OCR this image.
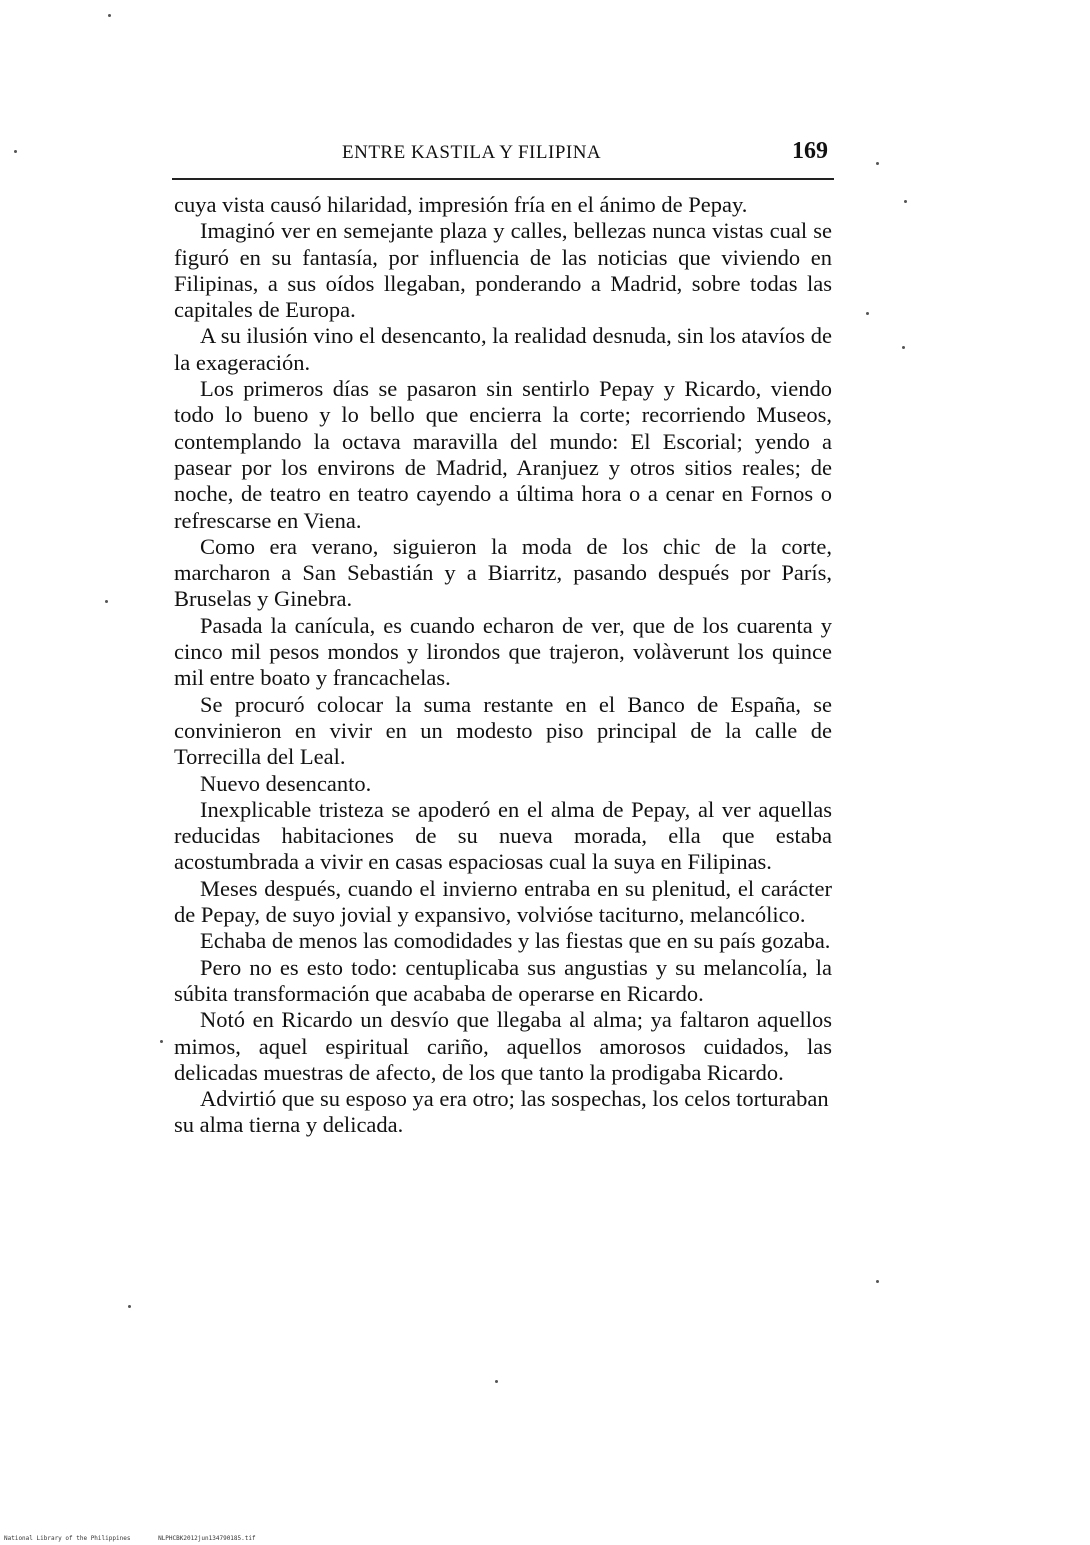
ENTRE KASTILA Y FILIPINA	169

cuya vista causó hilaridad, impresión fría en el ánimo de Pepay.

Imaginó ver en semejante plaza y calles, bellezas nunca vistas cual se figuró en su fantasía, por influencia de las noticias que viviendo en Filipinas, a sus oídos llegaban, ponderando a Madrid, sobre todas las capitales de Europa.

A su ilusión vino el desencanto, la realidad desnuda, sin los atavíos de la exageración.

Los primeros días se pasaron sin sentirlo Pepay y Ricardo, viendo todo lo bueno y lo bello que encierra la corte; recorriendo Museos, contemplando la octava maravilla del mundo: El Escorial; yendo a pasear por los environs de Madrid, Aranjuez y otros sitios reales; de noche, de teatro en teatro cayendo a última hora o a cenar en Fornos o refrescarse en Viena.

Como era verano, siguieron la moda de los chic de la corte, marcharon a San Sebastián y a Biarritz, pasando después por París, Bruselas y Ginebra.

Pasada la canícula, es cuando echaron de ver, que de los cuarenta y cinco mil pesos mondos y lirondos que trajeron, volàverunt los quince mil entre boato y francachelas.

Se procuró colocar la suma restante en el Banco de España, se convinieron en vivir en un modesto piso principal de la calle de Torrecilla del Leal.

Nuevo desencanto.

Inexplicable tristeza se apoderó en el alma de Pepay, al ver aquellas reducidas habitaciones de su nueva morada, ella que estaba acostumbrada a vivir en casas espaciosas cual la suya en Filipinas.

Meses después, cuando el invierno entraba en su plenitud, el carácter de Pepay, de suyo jovial y expansivo, volvióse taciturno, melancólico.

Echaba de menos las comodidades y las fiestas que en su país gozaba.

Pero no es esto todo: centuplicaba sus angustias y su melancolía, la súbita transformación que acababa de operarse en Ricardo.

Notó en Ricardo un desvío que llegaba al alma; ya faltaron aquellos mimos, aquel espiritual cariño, aquellos amorosos cuidados, las delicadas muestras de afecto, de los que tanto la prodigaba Ricardo.

Advirtió que su esposo ya era otro; las sospechas, los celos torturaban su alma tierna y delicada.

National Library of the Philippines	NLPHCBK2012jun134790185.tif
